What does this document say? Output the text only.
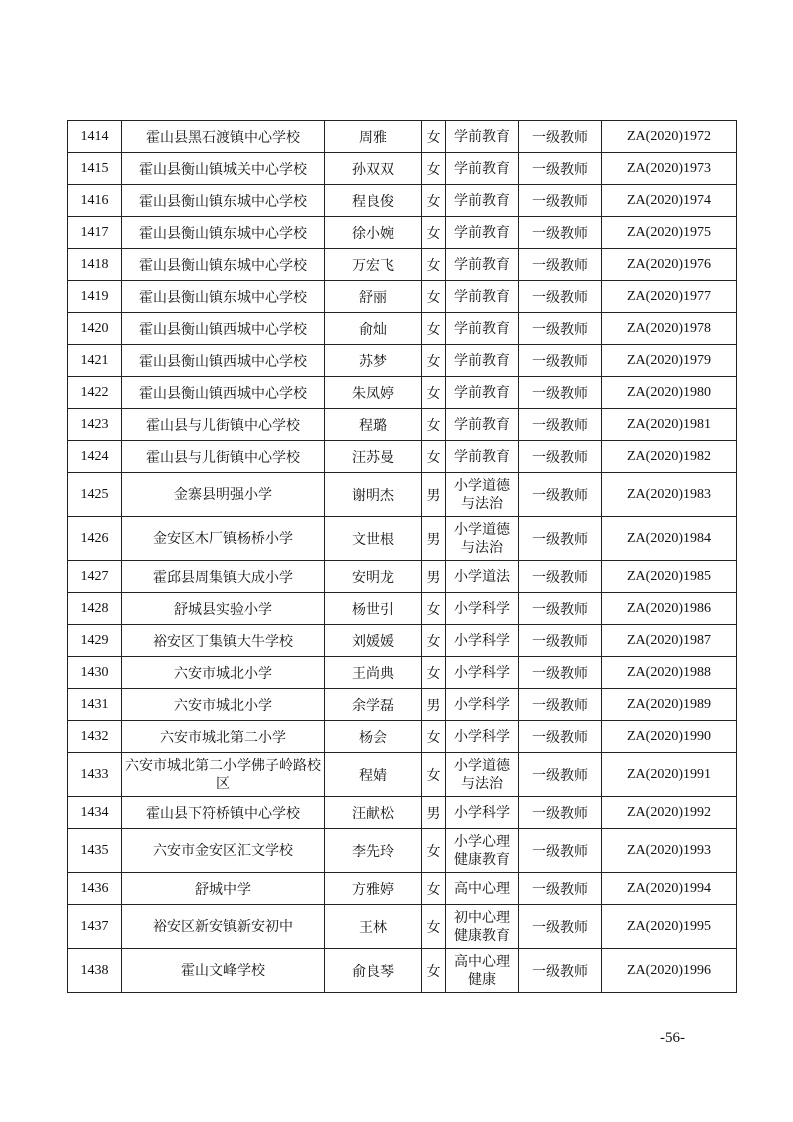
1414	霍山县黑石渡镇中心学校	周雅	女	学前教育	一级教师	ZA(2020)1972
1415	霍山县衡山镇城关中心学校	孙双双	女	学前教育	一级教师	ZA(2020)1973
1416	霍山县衡山镇东城中心学校	程良俊	女	学前教育	一级教师	ZA(2020)1974
1417	霍山县衡山镇东城中心学校	徐小婉	女	学前教育	一级教师	ZA(2020)1975
1418	霍山县衡山镇东城中心学校	万宏飞	女	学前教育	一级教师	ZA(2020)1976
1419	霍山县衡山镇东城中心学校	舒丽	女	学前教育	一级教师	ZA(2020)1977
1420	霍山县衡山镇西城中心学校	俞灿	女	学前教育	一级教师	ZA(2020)1978
1421	霍山县衡山镇西城中心学校	苏梦	女	学前教育	一级教师	ZA(2020)1979
1422	霍山县衡山镇西城中心学校	朱凤婷	女	学前教育	一级教师	ZA(2020)1980
1423	霍山县与儿街镇中心学校	程璐	女	学前教育	一级教师	ZA(2020)1981
1424	霍山县与儿街镇中心学校	汪苏曼	女	学前教育	一级教师	ZA(2020)1982
1425	金寨县明强小学	谢明杰	男	小学道德与法治	一级教师	ZA(2020)1983
1426	金安区木厂镇杨桥小学	文世根	男	小学道德与法治	一级教师	ZA(2020)1984
1427	霍邱县周集镇大成小学	安明龙	男	小学道法	一级教师	ZA(2020)1985
1428	舒城县实验小学	杨世引	女	小学科学	一级教师	ZA(2020)1986
1429	裕安区丁集镇大牛学校	刘媛媛	女	小学科学	一级教师	ZA(2020)1987
1430	六安市城北小学	王尚典	女	小学科学	一级教师	ZA(2020)1988
1431	六安市城北小学	余学磊	男	小学科学	一级教师	ZA(2020)1989
1432	六安市城北第二小学	杨会	女	小学科学	一级教师	ZA(2020)1990
1433	六安市城北第二小学佛子岭路校区	程婧	女	小学道德与法治	一级教师	ZA(2020)1991
1434	霍山县下符桥镇中心学校	汪献松	男	小学科学	一级教师	ZA(2020)1992
1435	六安市金安区汇文学校	李先玲	女	小学心理健康教育	一级教师	ZA(2020)1993
1436	舒城中学	方雅婷	女	高中心理	一级教师	ZA(2020)1994
1437	裕安区新安镇新安初中	王林	女	初中心理健康教育	一级教师	ZA(2020)1995
1438	霍山文峰学校	俞良琴	女	高中心理健康	一级教师	ZA(2020)1996
-56-
